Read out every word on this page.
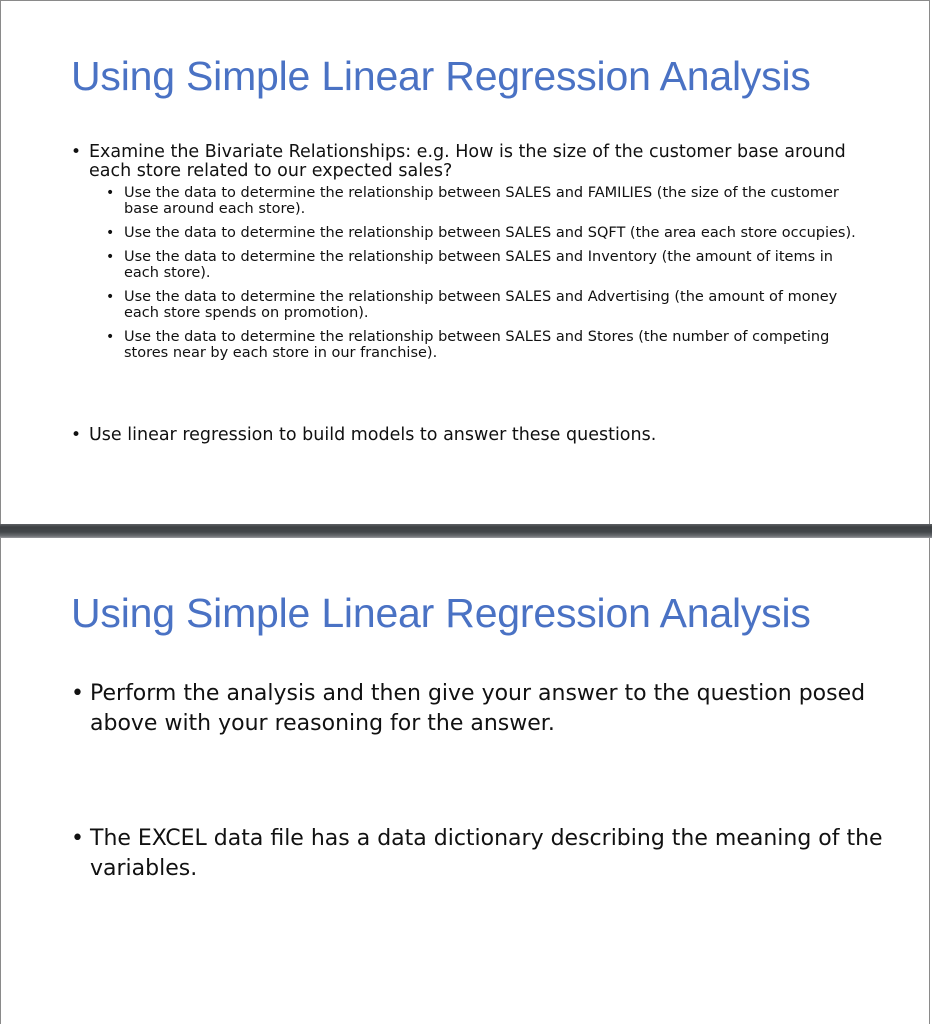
Using Simple Linear Regression Analysis
• Examine the Bivariate Relationships: e.g. How is the size of the customer base around each store related to our expected sales?
• Use the data to determine the relationship between SALES and FAMILIES (the size of the customer base around each store).
• Use the data to determine the relationship between SALES and SQFT (the area each store occupies).
• Use the data to determine the relationship between SALES and Inventory (the amount of items in each store).
• Use the data to determine the relationship between SALES and Advertising (the amount of money each store spends on promotion).
• Use the data to determine the relationship between SALES and Stores (the number of competing stores near by each store in our franchise).
• Use linear regression to build models to answer these questions.
Using Simple Linear Regression Analysis
• Perform the analysis and then give your answer to the question posed above with your reasoning for the answer.
• The EXCEL data file has a data dictionary describing the meaning of the variables.
